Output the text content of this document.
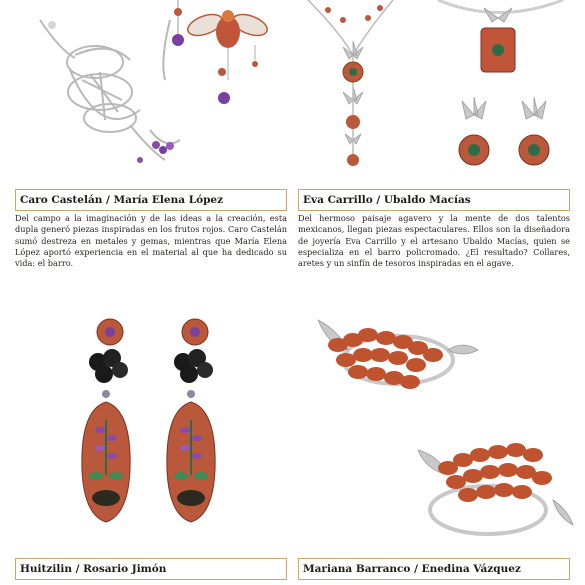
Caro Castelán / María Elena López
Del campo a la imaginación y de las ideas a la creación, esta dupla generó piezas inspiradas en los frutos rojos. Caro Castelán sumó destreza en metales y gemas, mientras que María Elena López aportó experiencia en el material al que ha dedicado su vida: el barro.
Eva Carrillo / Ubaldo Macías
Del hermoso paisaje agavero y la mente de dos talentos mexicanos, llegan piezas espectaculares. Ellos son la diseñadora de joyería Eva Carrillo y el artesano Ubaldo Macías, quien se especializa en el barro policromado. ¿El resultado? Collares, aretes y un sinfín de tesoros inspiradas en el agave.
Huitzilin / Rosario Jimón	Mariana Barranco / Enedina Vázquez
